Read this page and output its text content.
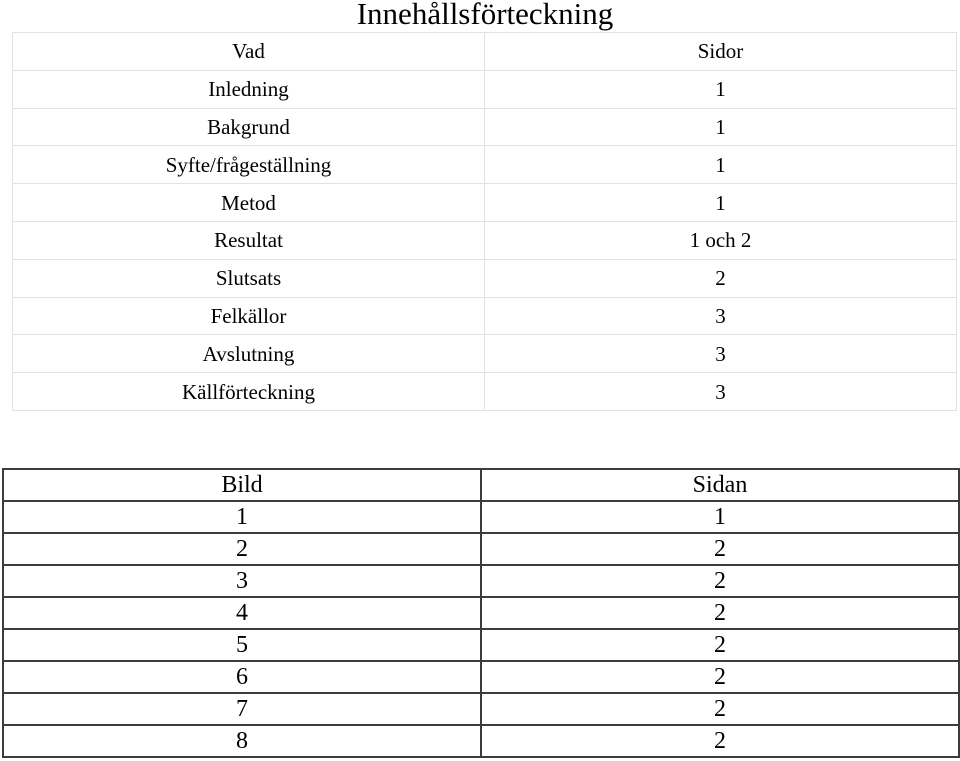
Innehållsförteckning
Vad	Sidor
Inledning	1
Bakgrund	1
Syfte/frågeställning	1
Metod	1
Resultat	1 och 2
Slutsats	2
Felkällor	3
Avslutning	3
Källförteckning	3
Bild	Sidan
1	1
2	2
3	2
4	2
5	2
6	2
7	2
8	2
